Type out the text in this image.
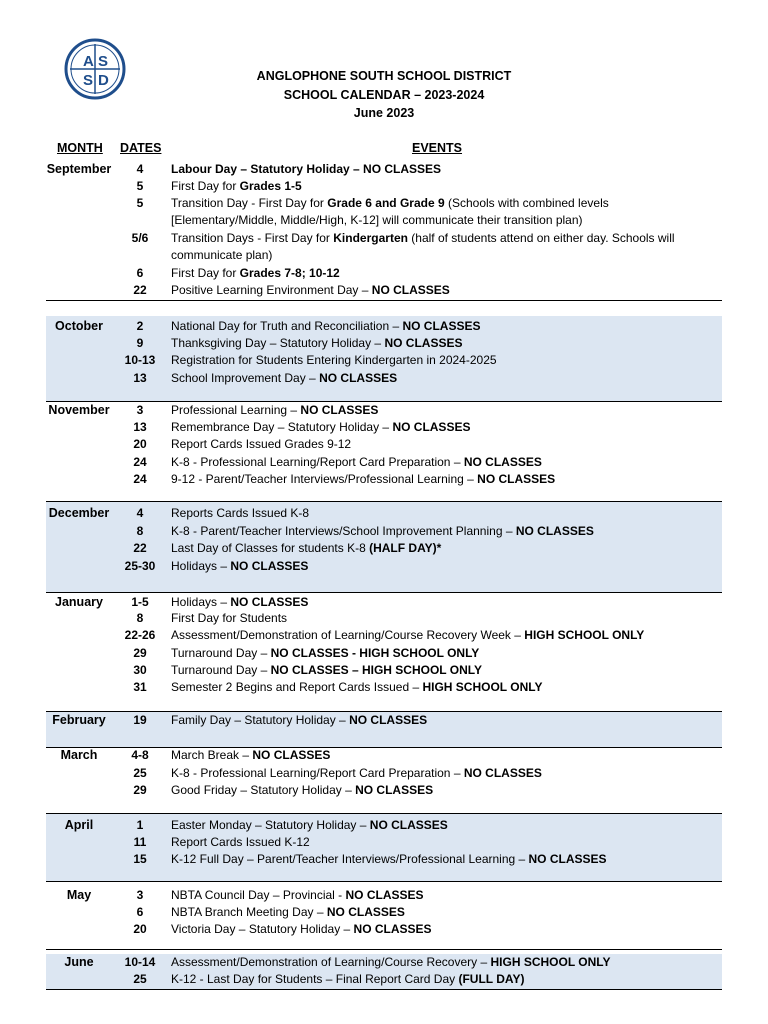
A S
S D	ANGLOPHONE SOUTH SCHOOL DISTRICT
SCHOOL CALENDAR – 2023-2024
June 2023
MONTH DATES	EVENTS
September	4	Labour Day – Statutory Holiday – NO CLASSES
5	First Day for Grades 1-5
5	Transition Day - First Day for Grade 6 and Grade 9 (Schools with combined levels [Elementary/Middle, Middle/High, K-12] will communicate their transition plan)
5/6	Transition Days - First Day for Kindergarten (half of students attend on either day. Schools will communicate plan)
6	First Day for Grades 7-8; 10-12
22	Positive Learning Environment Day – NO CLASSES
October	2	National Day for Truth and Reconciliation – NO CLASSES
9	Thanksgiving Day – Statutory Holiday – NO CLASSES
10-13	Registration for Students Entering Kindergarten in 2024-2025
13	School Improvement Day – NO CLASSES
November	3	Professional Learning – NO CLASSES
13	Remembrance Day – Statutory Holiday – NO CLASSES
20	Report Cards Issued Grades 9-12
24	K-8 - Professional Learning/Report Card Preparation – NO CLASSES
24	9-12 - Parent/Teacher Interviews/Professional Learning – NO CLASSES
December	4	Reports Cards Issued K-8
8	K-8 - Parent/Teacher Interviews/School Improvement Planning – NO CLASSES
22	Last Day of Classes for students K-8 (HALF DAY)*
25-30	Holidays – NO CLASSES
January	1-5	Holidays – NO CLASSES
8	First Day for Students
22-26	Assessment/Demonstration of Learning/Course Recovery Week – HIGH SCHOOL ONLY
29	Turnaround Day – NO CLASSES - HIGH SCHOOL ONLY
30	Turnaround Day – NO CLASSES – HIGH SCHOOL ONLY
31	Semester 2 Begins and Report Cards Issued – HIGH SCHOOL ONLY
February	19	Family Day – Statutory Holiday – NO CLASSES
March	4-8	March Break – NO CLASSES
25	K-8 - Professional Learning/Report Card Preparation – NO CLASSES
29	Good Friday – Statutory Holiday – NO CLASSES
April	1	Easter Monday – Statutory Holiday – NO CLASSES
11	Report Cards Issued K-12
15	K-12 Full Day – Parent/Teacher Interviews/Professional Learning – NO CLASSES
May	3	NBTA Council Day – Provincial - NO CLASSES
6	NBTA Branch Meeting Day – NO CLASSES
20	Victoria Day – Statutory Holiday – NO CLASSES
June	10-14	Assessment/Demonstration of Learning/Course Recovery – HIGH SCHOOL ONLY
25	K-12 - Last Day for Students – Final Report Card Day (FULL DAY)
